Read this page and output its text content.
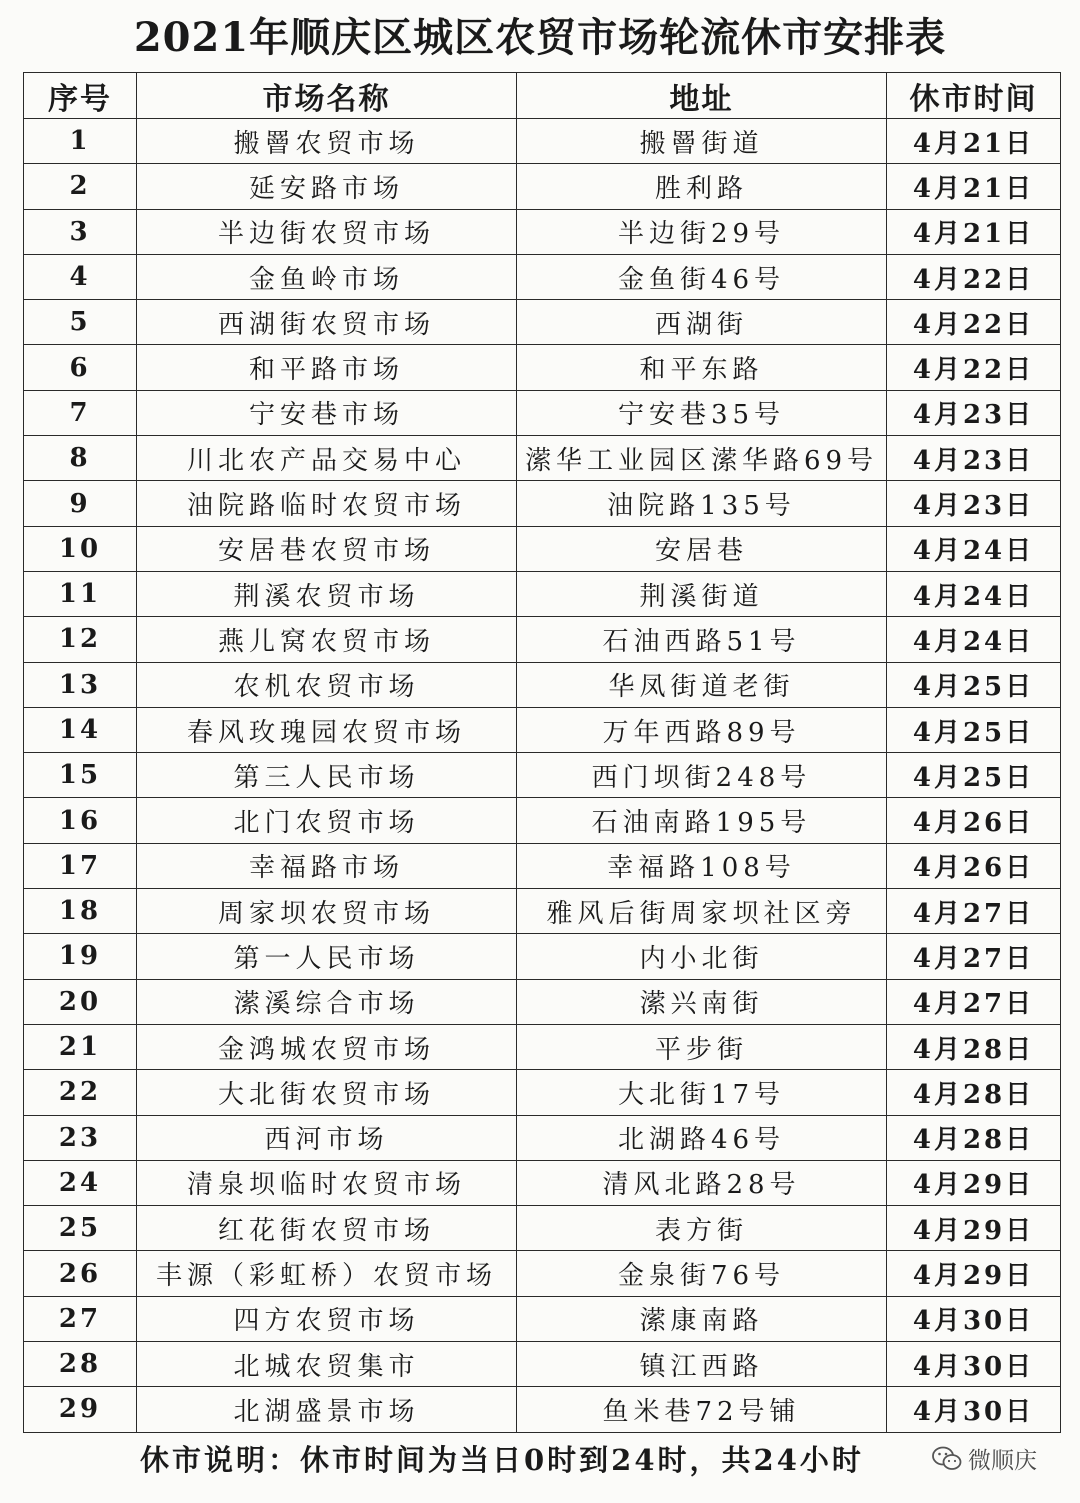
2021年顺庆区城区农贸市场轮流休市安排表
序号	市场名称	地址	休市时间
1	搬罾农贸市场	搬罾街道	4月21日
2	延安路市场	胜利路	4月21日
3	半边街农贸市场	半边街29号	4月21日
4	金鱼岭市场	金鱼街46号	4月22日
5	西湖街农贸市场	西湖街	4月22日
6	和平路市场	和平东路	4月22日
7	宁安巷市场	宁安巷35号	4月23日
8	川北农产品交易中心	潆华工业园区潆华路69号	4月23日
9	油院路临时农贸市场	油院路135号	4月23日
10	安居巷农贸市场	安居巷	4月24日
11	荆溪农贸市场	荆溪街道	4月24日
12	燕儿窝农贸市场	石油西路51号	4月24日
13	农机农贸市场	华凤街道老街	4月25日
14	春风玫瑰园农贸市场	万年西路89号	4月25日
15	第三人民市场	西门坝街248号	4月25日
16	北门农贸市场	石油南路195号	4月26日
17	幸福路市场	幸福路108号	4月26日
18	周家坝农贸市场	雅风后街周家坝社区旁	4月27日
19	第一人民市场	内小北街	4月27日
20	潆溪综合市场	潆兴南街	4月27日
21	金鸿城农贸市场	平步街	4月28日
22	大北街农贸市场	大北街17号	4月28日
23	西河市场	北湖路46号	4月28日
24	清泉坝临时农贸市场	清风北路28号	4月29日
25	红花街农贸市场	表方街	4月29日
26	丰源（彩虹桥）农贸市场	金泉街76号	4月29日
27	四方农贸市场	潆康南路	4月30日
28	北城农贸集市	镇江西路	4月30日
29	北湖盛景市场	鱼米巷72号铺	4月30日
休市说明：休市时间为当日0时到24时，共24小时	微顺庆
